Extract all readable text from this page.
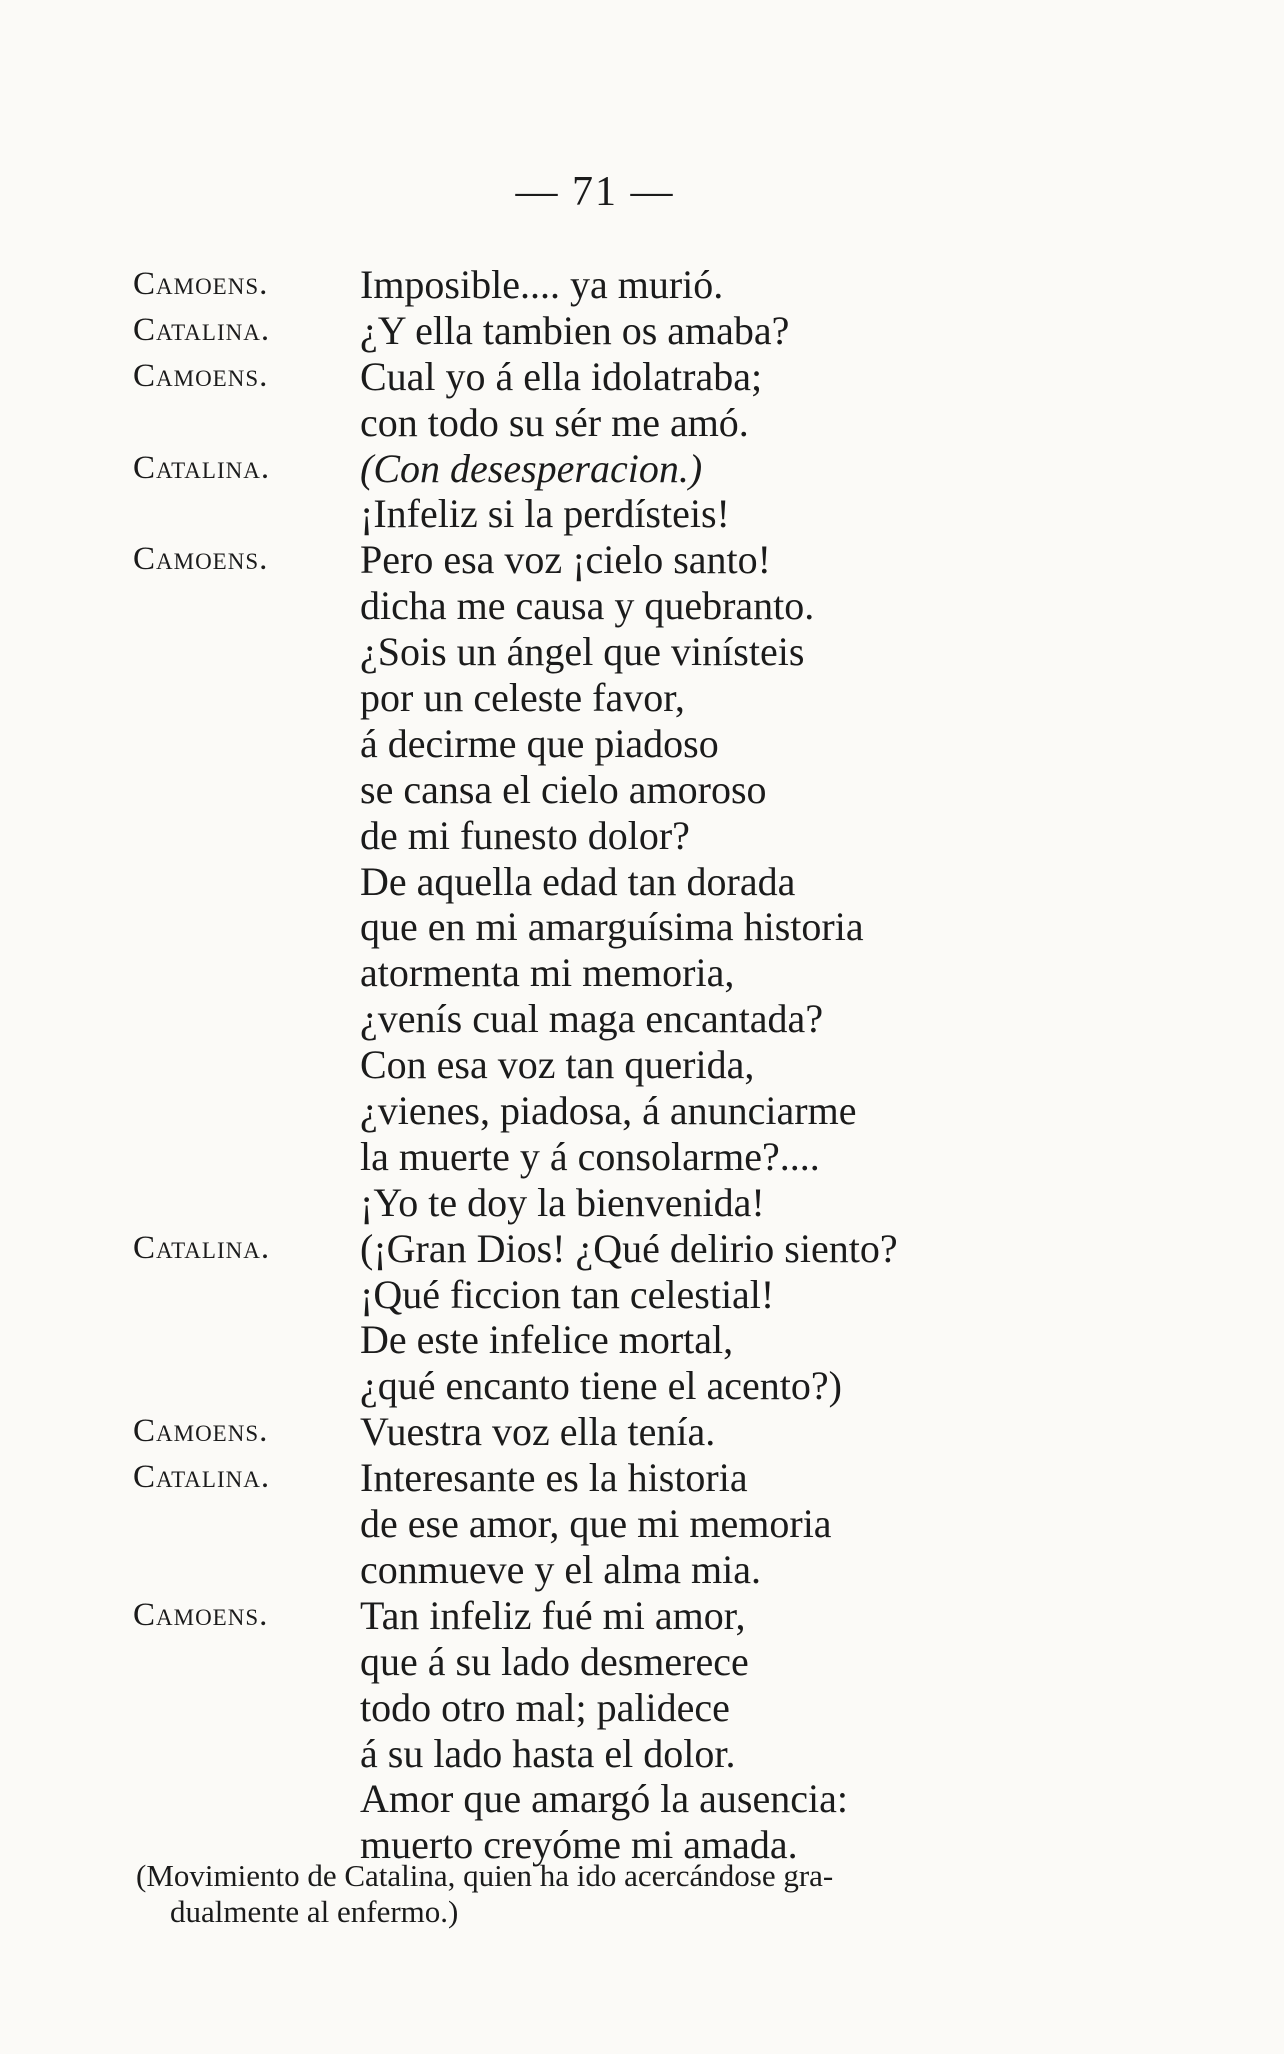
— 71 —
Camoens. Imposible.... ya murió.
Catalina. ¿Y ella tambien os amaba?
Camoens. Cual yo á ella idolatraba;
con todo su sér me amó.
Catalina. (Con desesperacion.)
¡Infeliz si la perdísteis!
Camoens. Pero esa voz ¡cielo santo!
dicha me causa y quebranto.
¿Sois un ángel que vinísteis
por un celeste favor,
á decirme que piadoso
se cansa el cielo amoroso
de mi funesto dolor?
De aquella edad tan dorada
que en mi amarguísima historia
atormenta mi memoria,
¿venís cual maga encantada?
Con esa voz tan querida,
¿vienes, piadosa, á anunciarme
la muerte y á consolarme?....
¡Yo te doy la bienvenida!
Catalina. (¡Gran Dios! ¿Qué delirio siento?
¡Qué ficcion tan celestial!
De este infelice mortal,
¿qué encanto tiene el acento?)
Camoens. Vuestra voz ella tenía.
Catalina. Interesante es la historia
de ese amor, que mi memoria
conmueve y el alma mia.
Camoens. Tan infeliz fué mi amor,
que á su lado desmerece
todo otro mal; palidece
á su lado hasta el dolor.
Amor que amargó la ausencia:
muerto creyóme mi amada.
(Movimiento de Catalina, quien ha ido acercándose gra-
dualmente al enfermo.)
